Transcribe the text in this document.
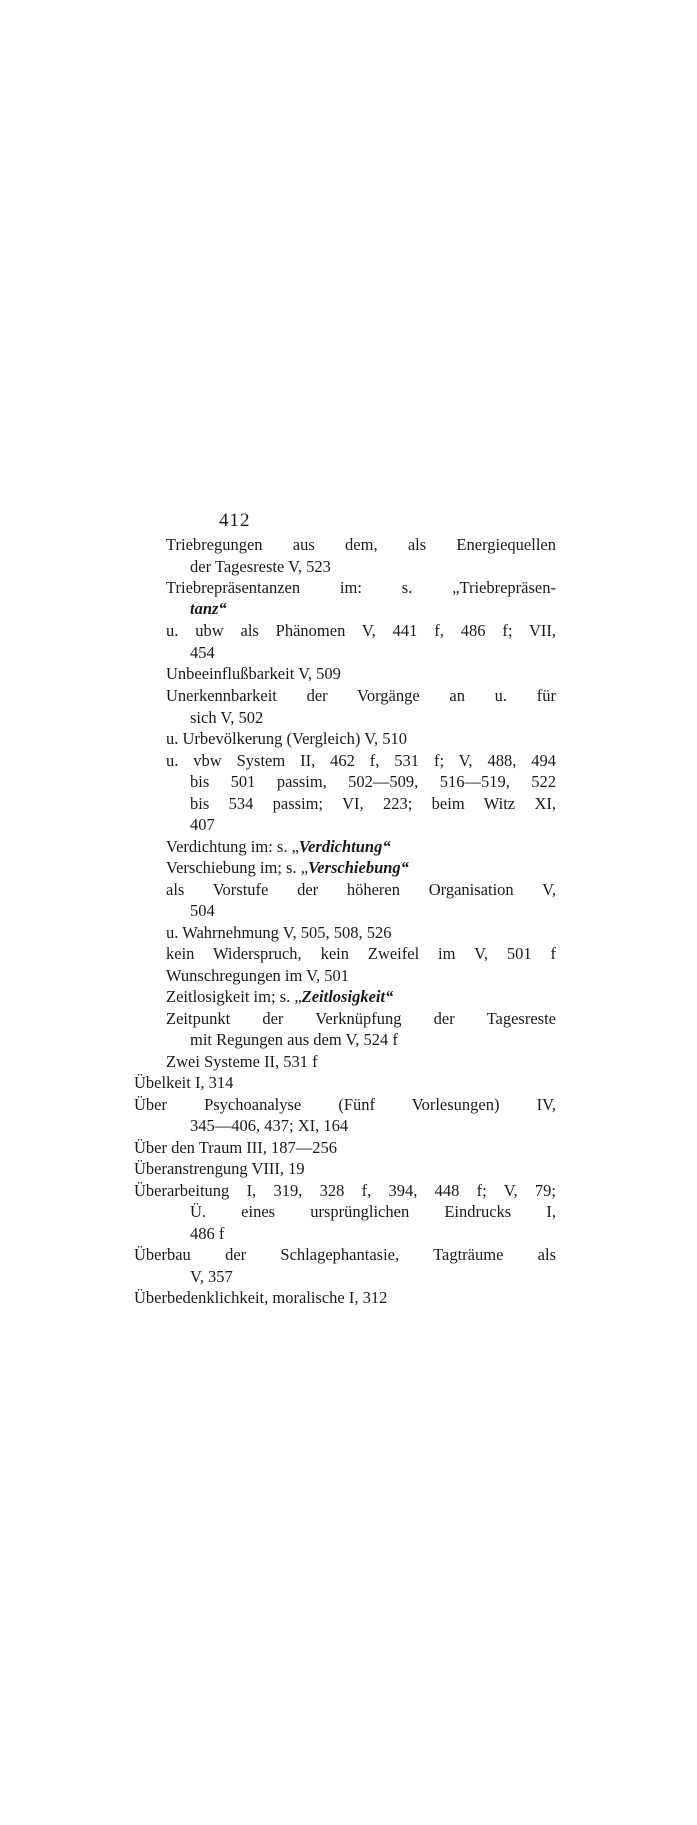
412
Triebregungen aus dem, als Energiequellen
der Tagesreste V, 523
Triebrepräsentanzen im: s. „Triebrepräsen-
tanz“
u. ubw als Phänomen V, 441 f, 486 f; VII,
454
Unbeeinflußbarkeit V, 509
Unerkennbarkeit der Vorgänge an u. für
sich V, 502
u. Urbevölkerung (Vergleich) V, 510
u. vbw System II, 462 f, 531 f; V, 488, 494
bis 501 passim, 502—509, 516—519, 522
bis 534 passim; VI, 223; beim Witz XI,
407
Verdichtung im: s. „Verdichtung“
Verschiebung im; s. „Verschiebung“
als Vorstufe der höheren Organisation V,
504
u. Wahrnehmung V, 505, 508, 526
kein Widerspruch, kein Zweifel im V, 501 f
Wunschregungen im V, 501
Zeitlosigkeit im; s. „Zeitlosigkeit“
Zeitpunkt der Verknüpfung der Tagesreste
mit Regungen aus dem V, 524 f
Zwei Systeme II, 531 f
Übelkeit I, 314
Über Psychoanalyse (Fünf Vorlesungen) IV,
345—406, 437; XI, 164
Über den Traum III, 187—256
Überanstrengung VIII, 19
Überarbeitung I, 319, 328 f, 394, 448 f; V, 79;
Ü. eines ursprünglichen Eindrucks I,
486 f
Überbau der Schlagephantasie, Tagträume als
V, 357
Überbedenklichkeit, moralische I, 312
